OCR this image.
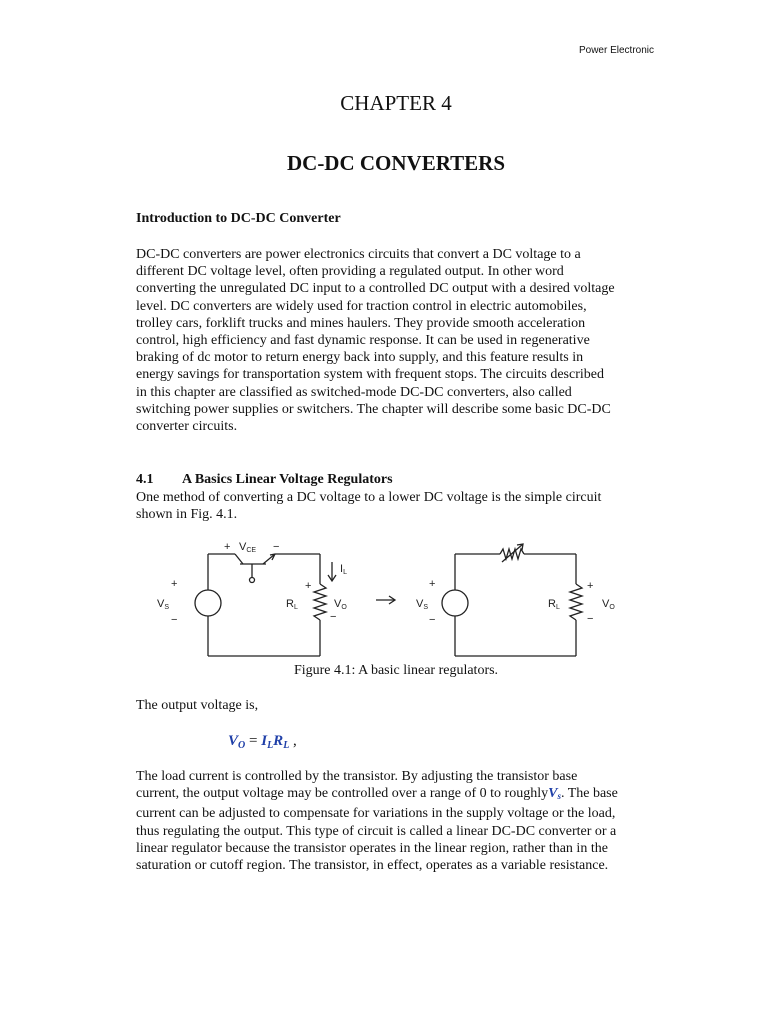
Power Electronic
CHAPTER 4
DC-DC CONVERTERS
Introduction to DC-DC Converter
DC-DC converters are power electronics circuits that convert a DC voltage to a
different DC voltage level, often providing a regulated output. In other word
converting the unregulated DC input to a controlled DC output with a desired voltage
level. DC converters are widely used for traction control in electric automobiles,
trolley cars, forklift trucks and mines haulers. They provide smooth acceleration
control, high efficiency and fast dynamic response. It can be used in regenerative
braking of dc motor to return energy back into supply, and this feature results in
energy savings for transportation system with frequent stops. The circuits described
in this chapter are classified as switched-mode DC-DC converters, also called
switching power supplies or switchers. The chapter will describe some basic DC-DC
converter circuits.
4.1 A Basics Linear Voltage Regulators
One method of converting a DC voltage to a lower DC voltage is the simple circuit
shown in Fig. 4.1.
+ VCE −
IL
+
VS
−
RL
+
VO
−
+
VS
−
RL
+
VO
−
Figure 4.1: A basic linear regulators.
The output voltage is,
$V_O = I_LR_L$ ,
The load current is controlled by the transistor. By adjusting the transistor base
current, the output voltage may be controlled over a range of 0 to roughlyV$_s$. The base
current can be adjusted to compensate for variations in the supply voltage or the load,
thus regulating the output. This type of circuit is called a linear DC-DC converter or a
linear regulator because the transistor operates in the linear region, rather than in the
saturation or cutoff region. The transistor, in effect, operates as a variable resistance.
